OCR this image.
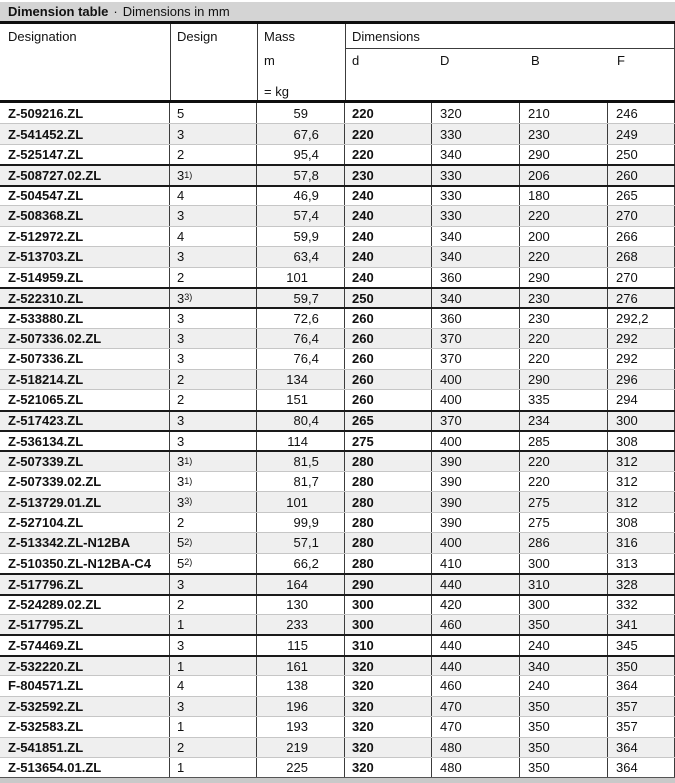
Dimension table · Dimensions in mm
Designation	Design	Mass
m
= kg
Dimensions
d	D	B	F
Z-509216.ZL	5	59	220	320	210	246
Z-541452.ZL	3	67 ,6	220	330	230	249
Z-525147.ZL	2	95 ,4	220	340	290	250
Z-508727.02.ZL	3$^{1)}$	57 ,8	230	330	206	260
Z-504547.ZL	4	46 ,9	240	330	180	265
Z-508368.ZL	3	57 ,4	240	330	220	270
Z-512972.ZL	4	59 ,9	240	340	200	266
Z-513703.ZL	3	63 ,4	240	340	220	268
Z-514959.ZL	2	101	240	360	290	270
Z-522310.ZL	3$^{3)}$	59 ,7	250	340	230	276
Z-533880.ZL	3	72 ,6	260	360	230	292,2
Z-507336.02.ZL	3	76 ,4	260	370	220	292
Z-507336.ZL	3	76 ,4	260	370	220	292
Z-518214.ZL	2	134	260	400	290	296
Z-521065.ZL	2	151	260	400	335	294
Z-517423.ZL	3	80 ,4	265	370	234	300
Z-536134.ZL	3	114	275	400	285	308
Z-507339.ZL	3$^{1)}$	81 ,5	280	390	220	312
Z-507339.02.ZL	3$^{1)}$	81 ,7	280	390	220	312
Z-513729.01.ZL	3$^{3)}$	101	280	390	275	312
Z-527104.ZL	2	99 ,9	280	390	275	308
Z-513342.ZL-N12BA	5$^{2)}$	57 ,1	280	400	286	316
Z-510350.ZL-N12BA-C4	5$^{2)}$	66 ,2	280	410	300	313
Z-517796.ZL	3	164	290	440	310	328
Z-524289.02.ZL	2	130	300	420	300	332
Z-517795.ZL	1	233	300	460	350	341
Z-574469.ZL	3	115	310	440	240	345
Z-532220.ZL	1	161	320	440	340	350
F-804571.ZL	4	138	320	460	240	364
Z-532592.ZL	3	196	320	470	350	357
Z-532583.ZL	1	193	320	470	350	357
Z-541851.ZL	2	219	320	480	350	364
Z-513654.01.ZL	1	225	320	480	350	364
